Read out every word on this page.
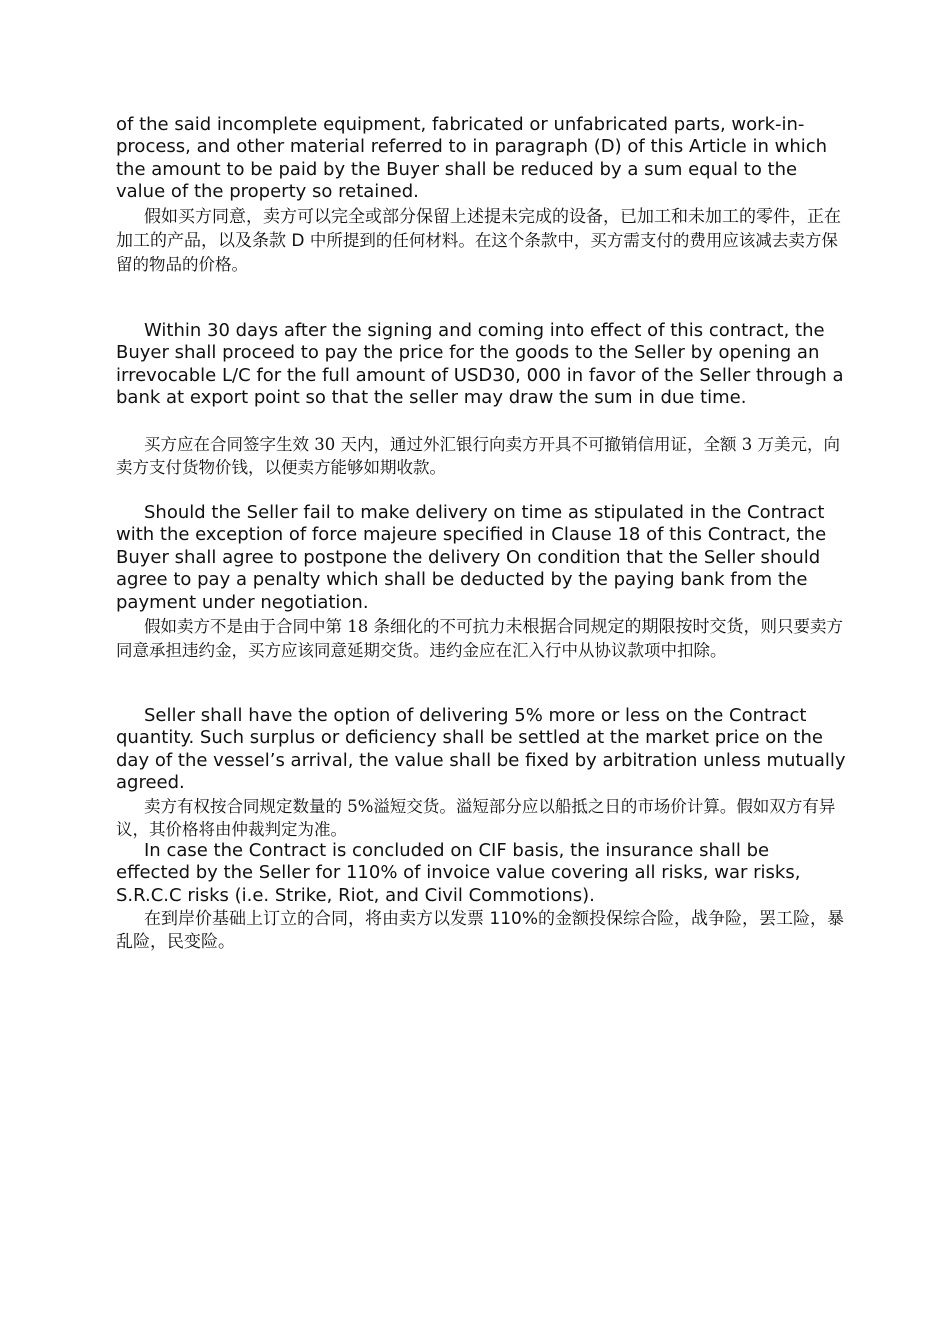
of the said incomplete equipment, fabricated or unfabricated parts, work-in-process, and other material referred to in paragraph (D) of this Article in which the amount to be paid by the Buyer shall be reduced by a sum equal to the value of the property so retained.

假如买方同意，卖方可以完全或部分保留上述提未完成的设备，已加工和未加工的零件，正在加工的产品，以及条款 D 中所提到的任何材料。在这个条款中，买方需支付的费用应该减去卖方保留的物品的价格。

Within 30 days after the signing and coming into effect of this contract, the Buyer shall proceed to pay the price for the goods to the Seller by opening an irrevocable L/C for the full amount of USD30, 000 in favor of the Seller through a bank at export point so that the seller may draw the sum in due time.

买方应在合同签字生效 30 天内，通过外汇银行向卖方开具不可撤销信用证，全额 3 万美元，向卖方支付货物价钱，以便卖方能够如期收款。

Should the Seller fail to make delivery on time as stipulated in the Contract with the exception of force majeure specified in Clause 18 of this Contract, the Buyer shall agree to postpone the delivery On condition that the Seller should agree to pay a penalty which shall be deducted by the paying bank from the payment under negotiation.

假如卖方不是由于合同中第 18 条细化的不可抗力未根据合同规定的期限按时交货，则只要卖方同意承担违约金，买方应该同意延期交货。违约金应在汇入行中从协议款项中扣除。

Seller shall have the option of delivering 5% more or less on the Contract quantity. Such surplus or deficiency shall be settled at the market price on the day of the vessel’s arrival, the value shall be fixed by arbitration unless mutually agreed.

卖方有权按合同规定数量的 5%溢短交货。溢短部分应以船抵之日的市场价计算。假如双方有异议，其价格将由仲裁判定为准。

In case the Contract is concluded on CIF basis, the insurance shall be effected by the Seller for 110% of invoice value covering all risks, war risks, S.R.C.C risks (i.e. Strike, Riot, and Civil Commotions).

在到岸价基础上订立的合同，将由卖方以发票 110%的金额投保综合险，战争险，罢工险，暴乱险，民变险。
